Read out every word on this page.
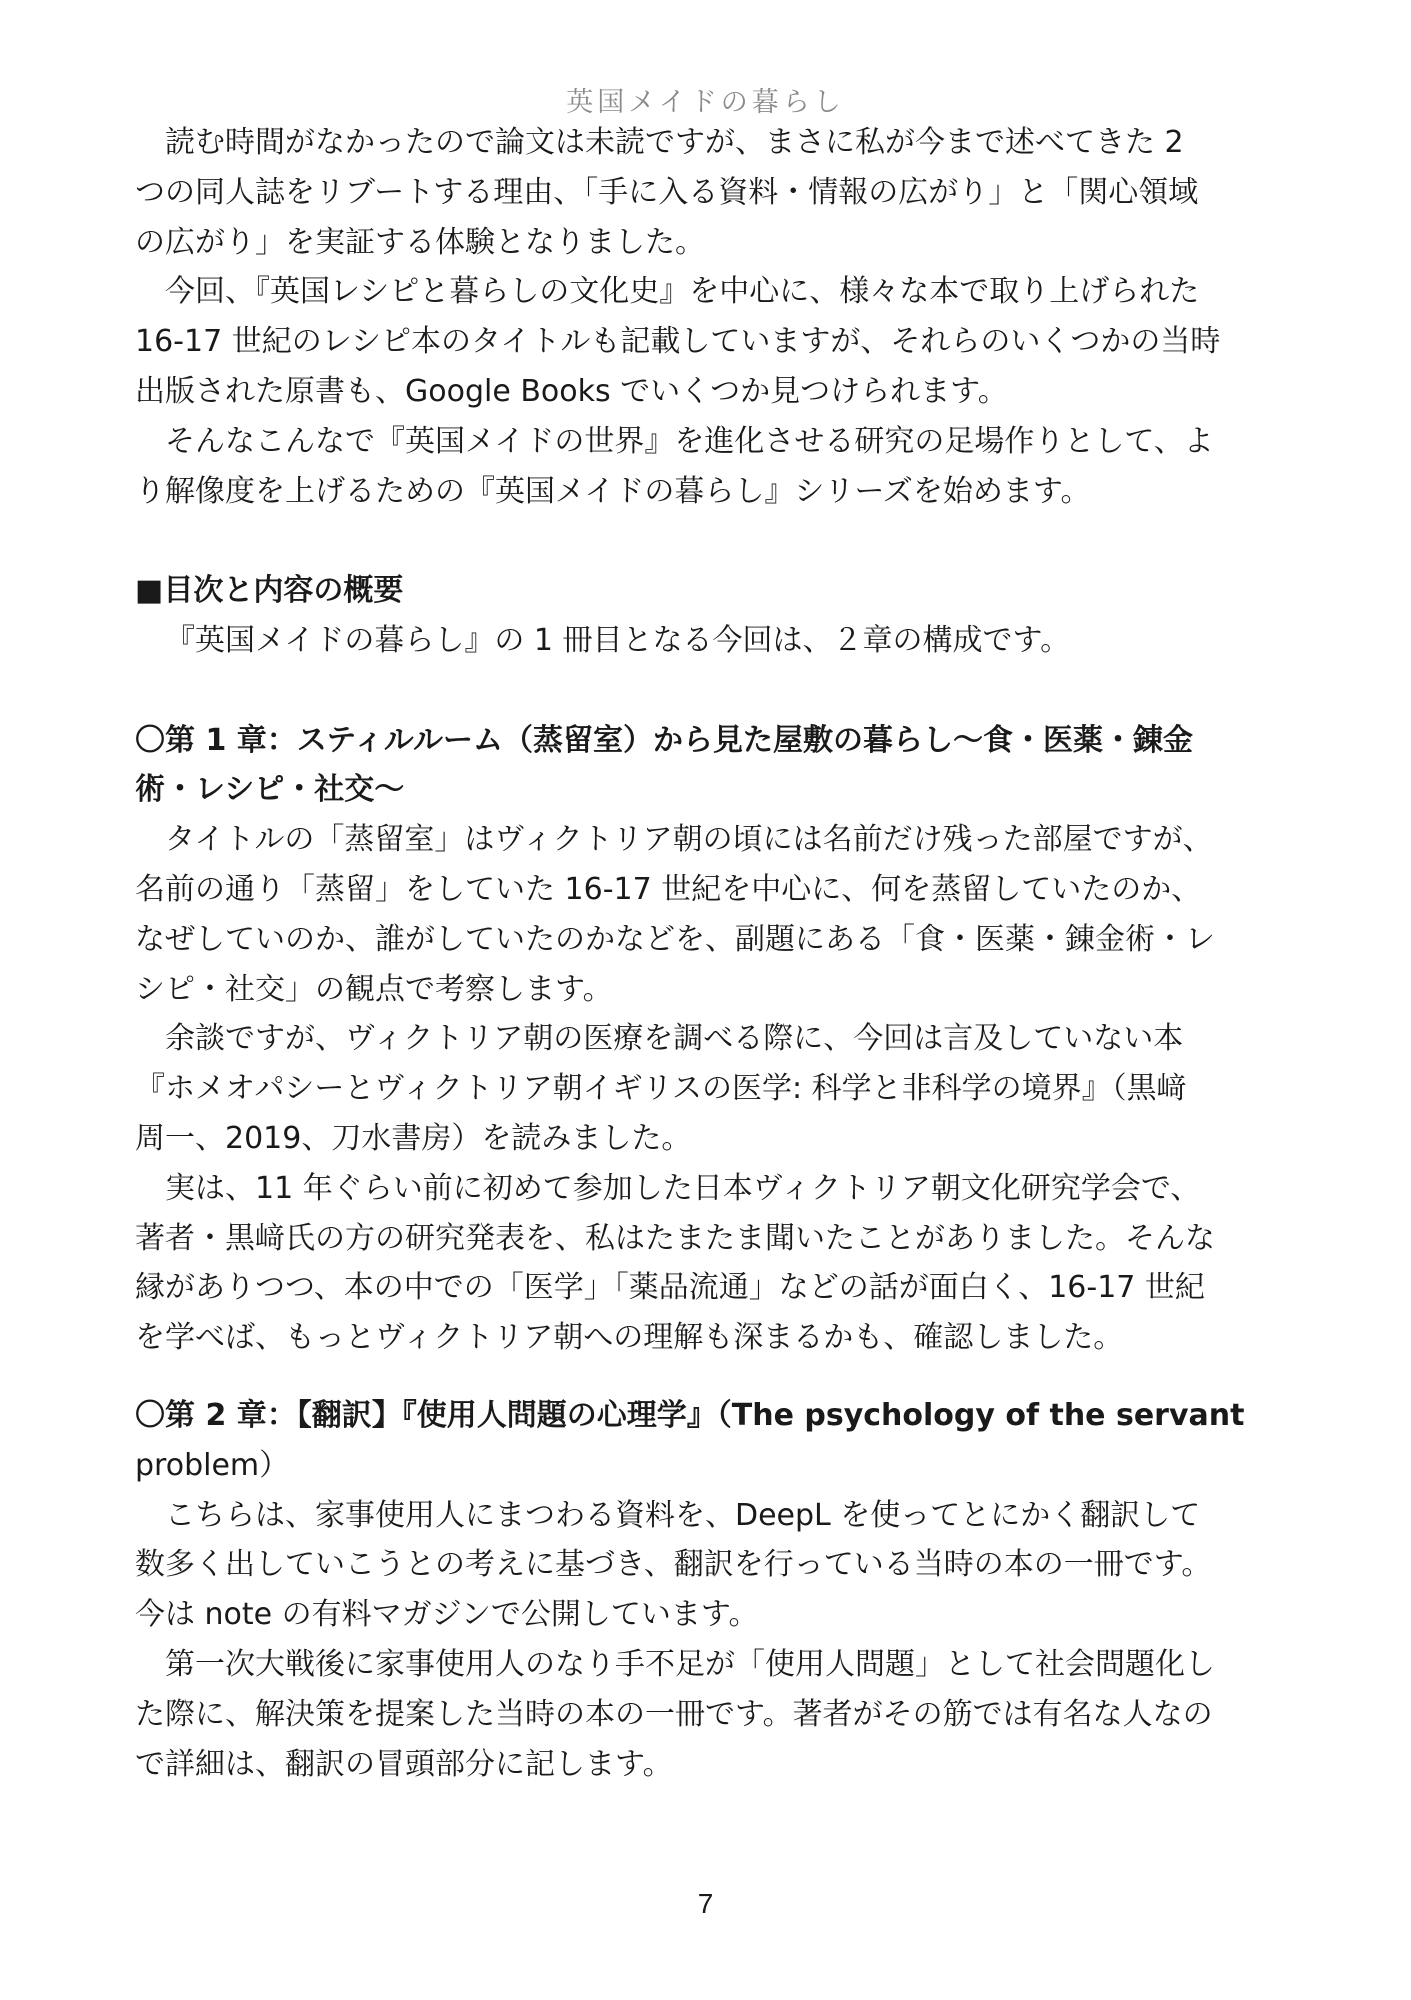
英国メイドの暮らし
読む時間がなかったので論文は未読ですが、まさに私が今まで述べてきた 2
つの同人誌をリブートする理由、「手に入る資料・情報の広がり」と「関心領域
の広がり」を実証する体験となりました。
今回、『英国レシピと暮らしの文化史』を中心に、様々な本で取り上げられた
16-17 世紀のレシピ本のタイトルも記載していますが、それらのいくつかの当時
出版された原書も、Google Books でいくつか見つけられます。
そんなこんなで『英国メイドの世界』を進化させる研究の足場作りとして、よ
り解像度を上げるための『英国メイドの暮らし』シリーズを始めます。
■目次と内容の概要
『英国メイドの暮らし』の 1 冊目となる今回は、２章の構成です。
〇第 1 章：スティルルーム（蒸留室）から見た屋敷の暮らし〜食・医薬・錬金
術・レシピ・社交〜
タイトルの「蒸留室」はヴィクトリア朝の頃には名前だけ残った部屋ですが、
名前の通り「蒸留」をしていた 16-17 世紀を中心に、何を蒸留していたのか、
なぜしていのか、誰がしていたのかなどを、副題にある「食・医薬・錬金術・レ
シピ・社交」の観点で考察します。
余談ですが、ヴィクトリア朝の医療を調べる際に、今回は言及していない本
『ホメオパシーとヴィクトリア朝イギリスの医学: 科学と非科学の境界』（黒﨑
周一、2019、刀水書房）を読みました。
実は、11 年ぐらい前に初めて参加した日本ヴィクトリア朝文化研究学会で、
著者・黒﨑氏の方の研究発表を、私はたまたま聞いたことがありました。そんな
縁がありつつ、本の中での「医学」「薬品流通」などの話が面白く、16-17 世紀
を学べば、もっとヴィクトリア朝への理解も深まるかも、確認しました。
〇第 2 章：【翻訳】『使用人問題の心理学』（The psychology of the servant
problem）
こちらは、家事使用人にまつわる資料を、DeepL を使ってとにかく翻訳して
数多く出していこうとの考えに基づき、翻訳を行っている当時の本の一冊です。
今は note の有料マガジンで公開しています。
第一次大戦後に家事使用人のなり手不足が「使用人問題」として社会問題化し
た際に、解決策を提案した当時の本の一冊です。著者がその筋では有名な人なの
で詳細は、翻訳の冒頭部分に記します。
7
